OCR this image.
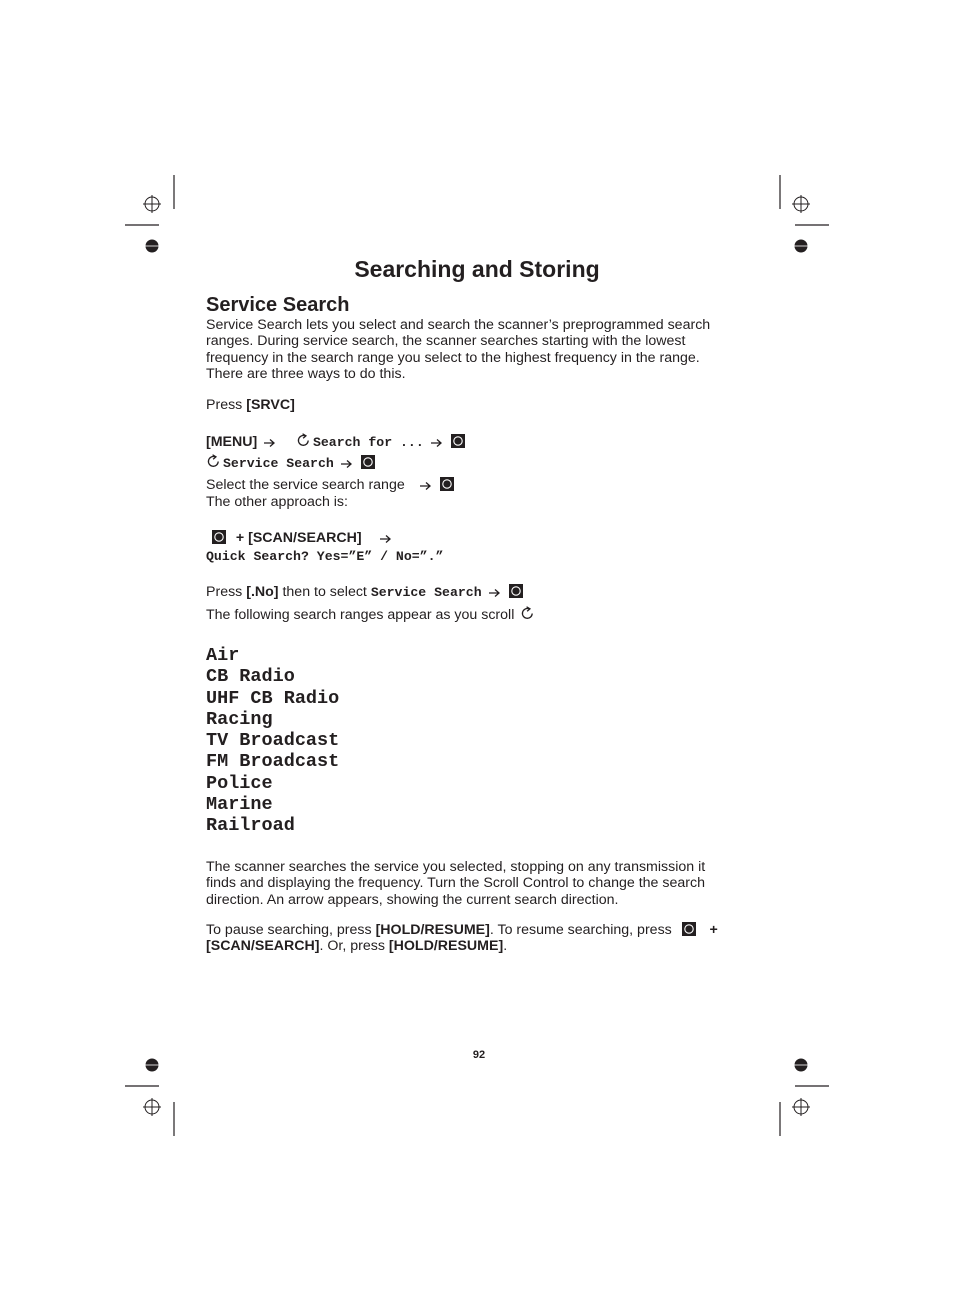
Searching and Storing
Service Search
Service Search lets you select and search the scanner’s preprogrammed search ranges. During service search, the scanner searches starting with the lowest frequency in the search range you select to the highest frequency in the range. There are three ways to do this.
Press [SRVC]
[MENU]	Search for ...
Service Search
Select the service search range
The other approach is:
+ [SCAN/SEARCH]
Quick Search? Yes=”E” / No=”.”
Press [.No] then to select Service Search
The following search ranges appear as you scroll
Air
CB Radio
UHF CB Radio
Racing
TV Broadcast
FM Broadcast
Police
Marine
Railroad
The scanner searches the service you selected, stopping on any transmission it finds and displaying the frequency. Turn the Scroll Control to change the search direction. An arrow appears, showing the current search direction.
To pause searching, press [HOLD/RESUME]. To resume searching, press	+
[SCAN/SEARCH]. Or, press [HOLD/RESUME].
92
